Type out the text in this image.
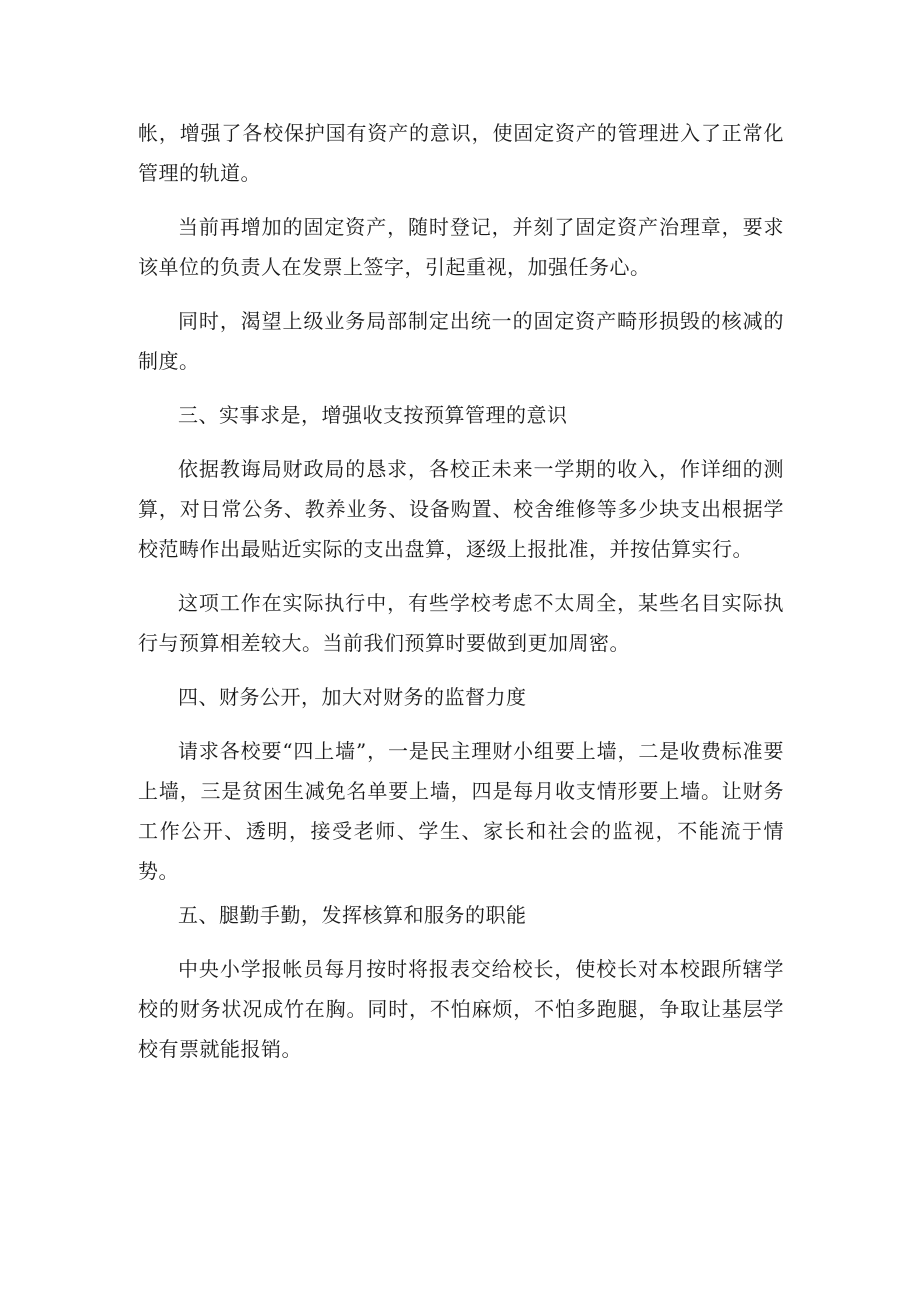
帐，增强了各校保护国有资产的意识，使固定资产的管理进入了正常化管理的轨道。

当前再增加的固定资产，随时登记，并刻了固定资产治理章，要求该单位的负责人在发票上签字，引起重视，加强任务心。

同时，渴望上级业务局部制定出统一的固定资产畸形损毁的核减的制度。

三、实事求是，增强收支按预算管理的意识

依据教诲局财政局的恳求，各校正未来一学期的收入，作详细的测算，对日常公务、教养业务、设备购置、校舍维修等多少块支出根据学校范畴作出最贴近实际的支出盘算，逐级上报批准，并按估算实行。

这项工作在实际执行中，有些学校考虑不太周全，某些名目实际执行与预算相差较大。当前我们预算时要做到更加周密。

四、财务公开，加大对财务的监督力度

请求各校要“四上墙”，一是民主理财小组要上墙，二是收费标准要上墙，三是贫困生减免名单要上墙，四是每月收支情形要上墙。让财务工作公开、透明，接受老师、学生、家长和社会的监视，不能流于情势。

五、腿勤手勤，发挥核算和服务的职能

中央小学报帐员每月按时将报表交给校长，使校长对本校跟所辖学校的财务状况成竹在胸。同时，不怕麻烦，不怕多跑腿，争取让基层学校有票就能报销。
